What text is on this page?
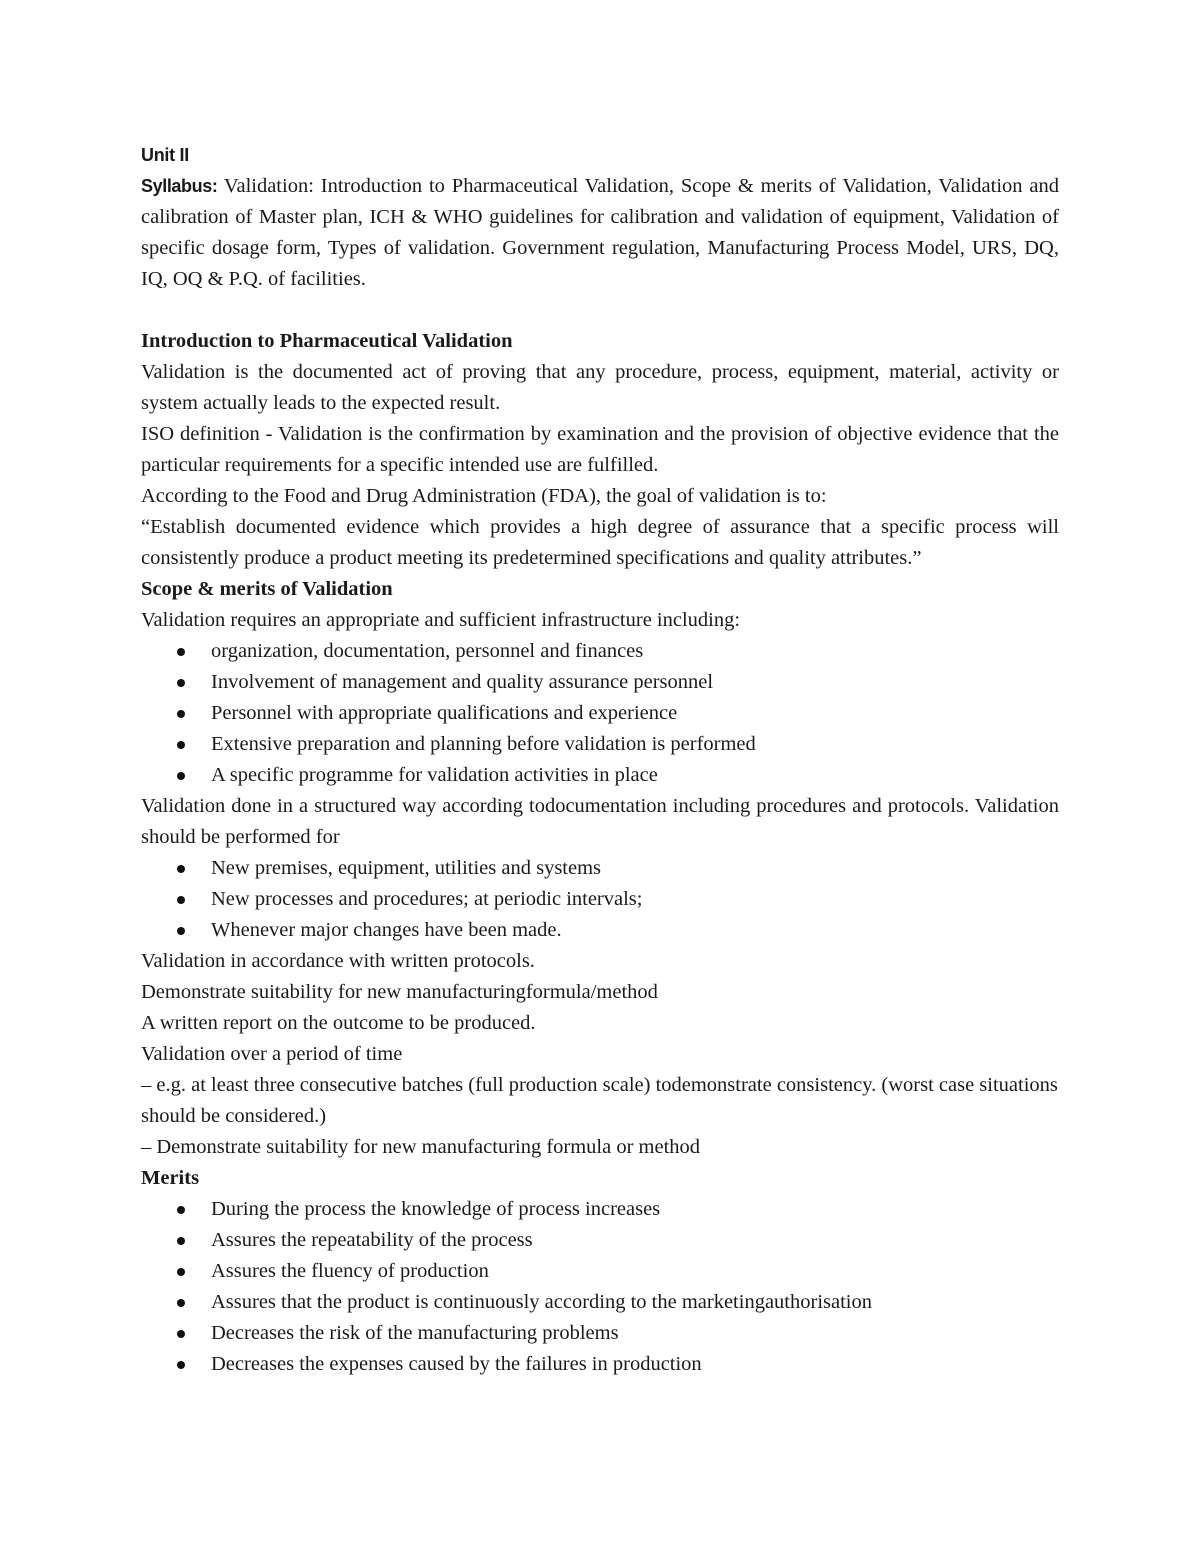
Unit II

Syllabus: Validation: Introduction to Pharmaceutical Validation, Scope & merits of Validation, Validation and calibration of Master plan, ICH & WHO guidelines for calibration and validation of equipment, Validation of specific dosage form, Types of validation. Government regulation, Manufacturing Process Model, URS, DQ, IQ, OQ & P.Q. of facilities.

Introduction to Pharmaceutical Validation

Validation is the documented act of proving that any procedure, process, equipment, material, activity or system actually leads to the expected result.

ISO definition - Validation is the confirmation by examination and the provision of objective evidence that the particular requirements for a specific intended use are fulfilled.

According to the Food and Drug Administration (FDA), the goal of validation is to:

“Establish documented evidence which provides a high degree of assurance that a specific process will consistently produce a product meeting its predetermined specifications and quality attributes.”

Scope & merits of Validation

Validation requires an appropriate and sufficient infrastructure including:

organization, documentation, personnel and finances
Involvement of management and quality assurance personnel
Personnel with appropriate qualifications and experience
Extensive preparation and planning before validation is performed
A specific programme for validation activities in place

Validation done in a structured way according todocumentation including procedures and protocols. Validation should be performed for

New premises, equipment, utilities and systems
New processes and procedures; at periodic intervals;
Whenever major changes have been made.

Validation in accordance with written protocols.

Demonstrate suitability for new manufacturingformula/method

A written report on the outcome to be produced.

Validation over a period of time

– e.g. at least three consecutive batches (full production scale) todemonstrate consistency. (worst case situations should be considered.)

– Demonstrate suitability for new manufacturing formula or method

Merits
During the process the knowledge of process increases
Assures the repeatability of the process
Assures the fluency of production
Assures that the product is continuously according to the marketingauthorisation
Decreases the risk of the manufacturing problems
Decreases the expenses caused by the failures in production
